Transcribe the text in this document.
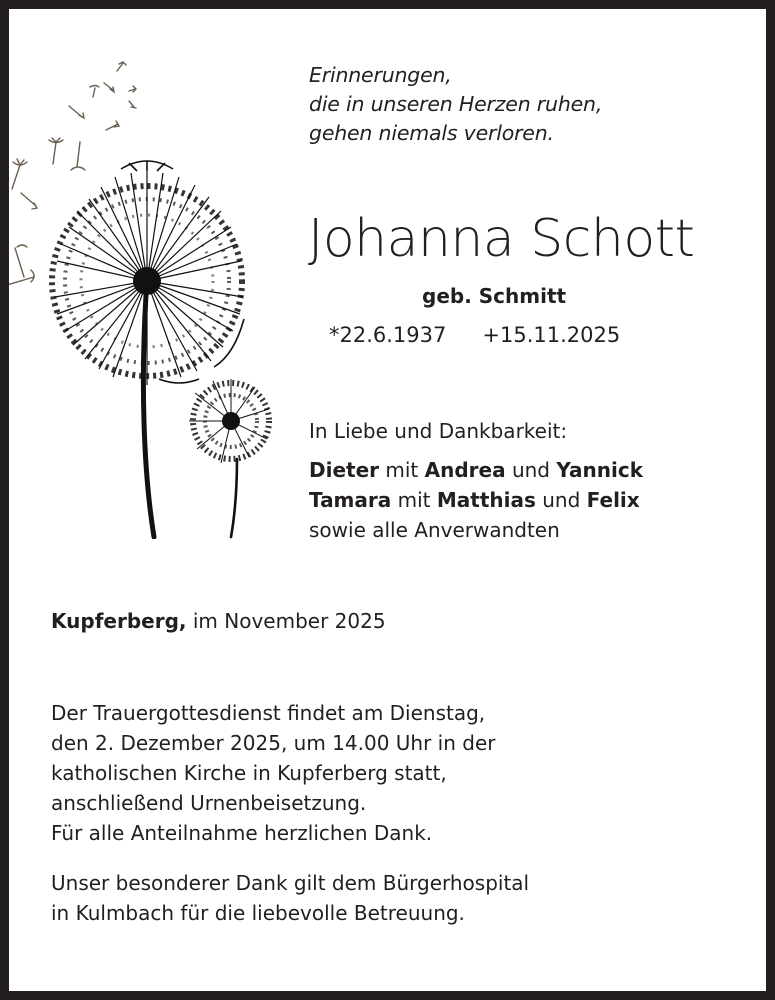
Erinnerungen,
die in unseren Herzen ruhen,
gehen niemals verloren.
Johanna Schott
geb. Schmitt
*22.6.1937 +15.11.2025
In Liebe und Dankbarkeit:
Dieter mit Andrea und Yannick
Tamara mit Matthias und Felix
sowie alle Anverwandten
Kupferberg, im November 2025
Der Trauergottesdienst findet am Dienstag,
den 2. Dezember 2025, um 14.00 Uhr in der
katholischen Kirche in Kupferberg statt,
anschließend Urnenbeisetzung.
Für alle Anteilnahme herzlichen Dank.
Unser besonderer Dank gilt dem Bürgerhospital
in Kulmbach für die liebevolle Betreuung.
